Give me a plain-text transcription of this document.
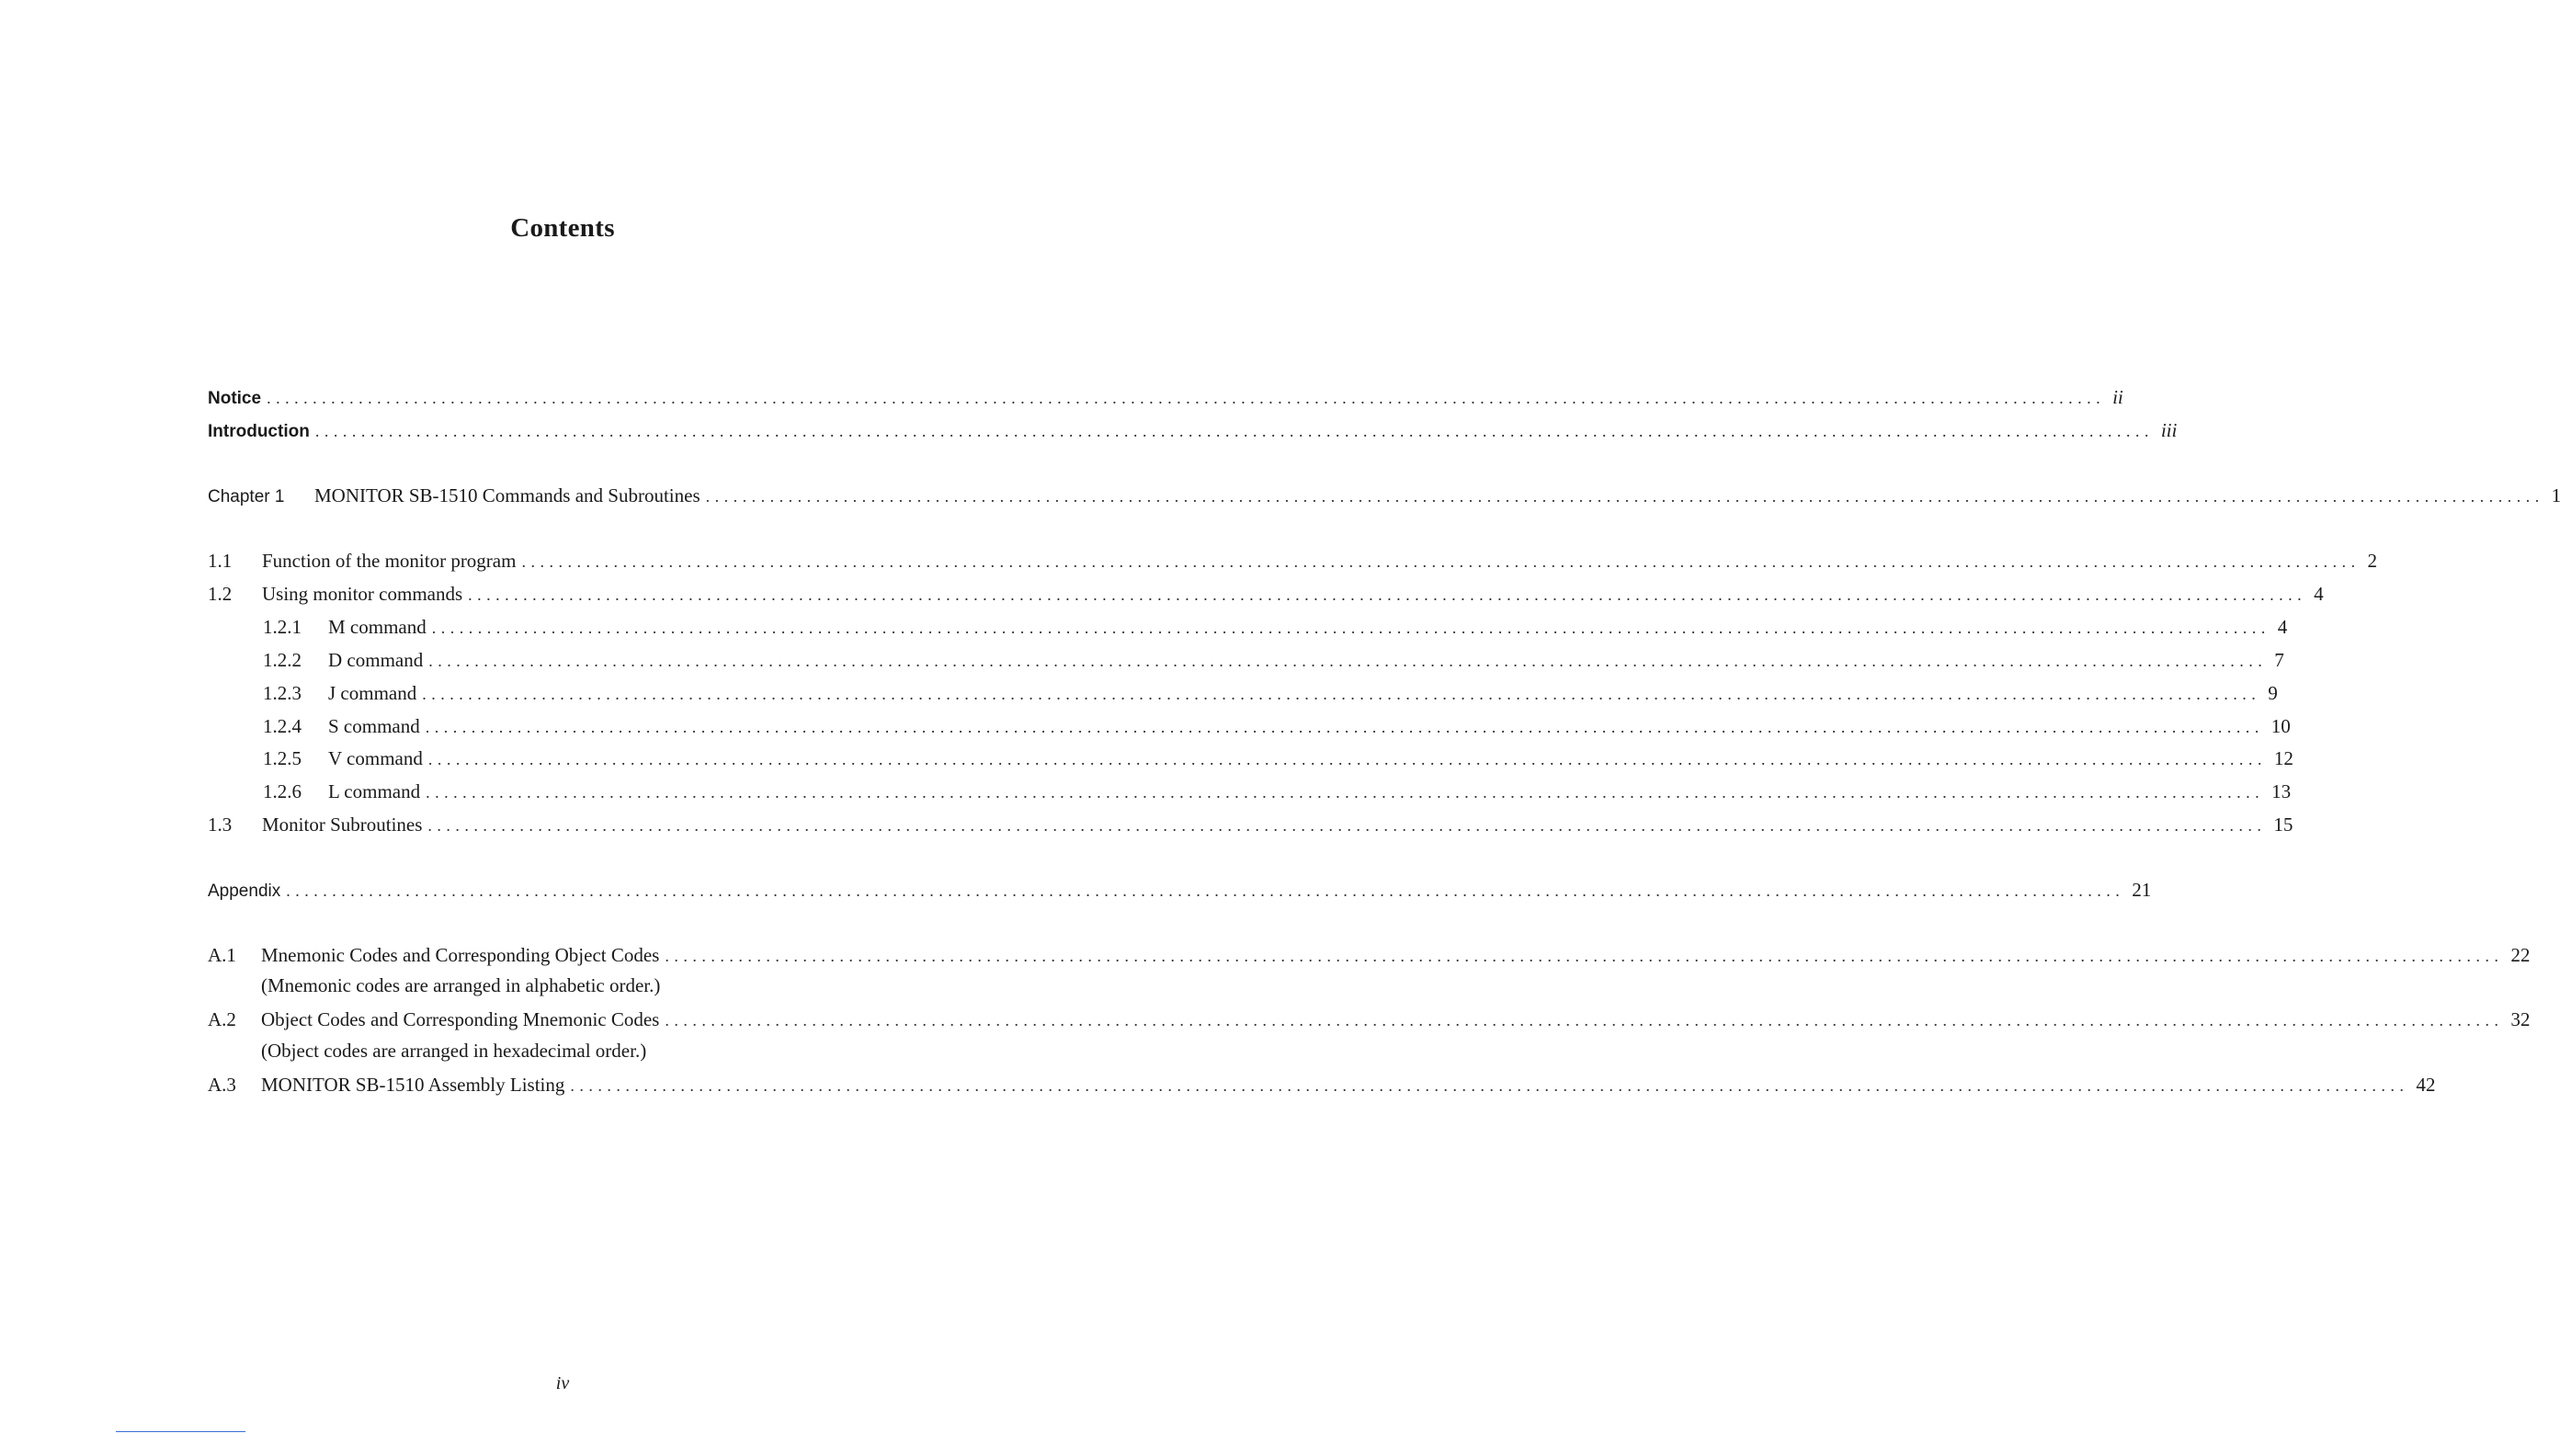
Contents
Notice ........................................................................................................................................................................................................ ii
Introduction ........................................................................................................................................................................................................ iii
Chapter 1	MONITOR SB-1510 Commands and Subroutines ........................................................................................................................................................................................................ 1
1.1	Function of the monitor program ........................................................................................................................................................................................................ 2
1.2	Using monitor commands ........................................................................................................................................................................................................ 4
1.2.1	M command ........................................................................................................................................................................................................ 4
1.2.2	D command ........................................................................................................................................................................................................ 7
1.2.3	J command ........................................................................................................................................................................................................ 9
1.2.4	S command ........................................................................................................................................................................................................ 10
1.2.5	V command ........................................................................................................................................................................................................ 12
1.2.6	L command ........................................................................................................................................................................................................ 13
1.3	Monitor Subroutines ........................................................................................................................................................................................................ 15
Appendix ........................................................................................................................................................................................................ 21
A.1	Mnemonic Codes and Corresponding Object Codes ........................................................................................................................................................................................................ 22
(Mnemonic codes are arranged in alphabetic order.)
A.2	Object Codes and Corresponding Mnemonic Codes ........................................................................................................................................................................................................ 32
(Object codes are arranged in hexadecimal order.)
A.3	MONITOR SB-1510 Assembly Listing ........................................................................................................................................................................................................ 42
iv
